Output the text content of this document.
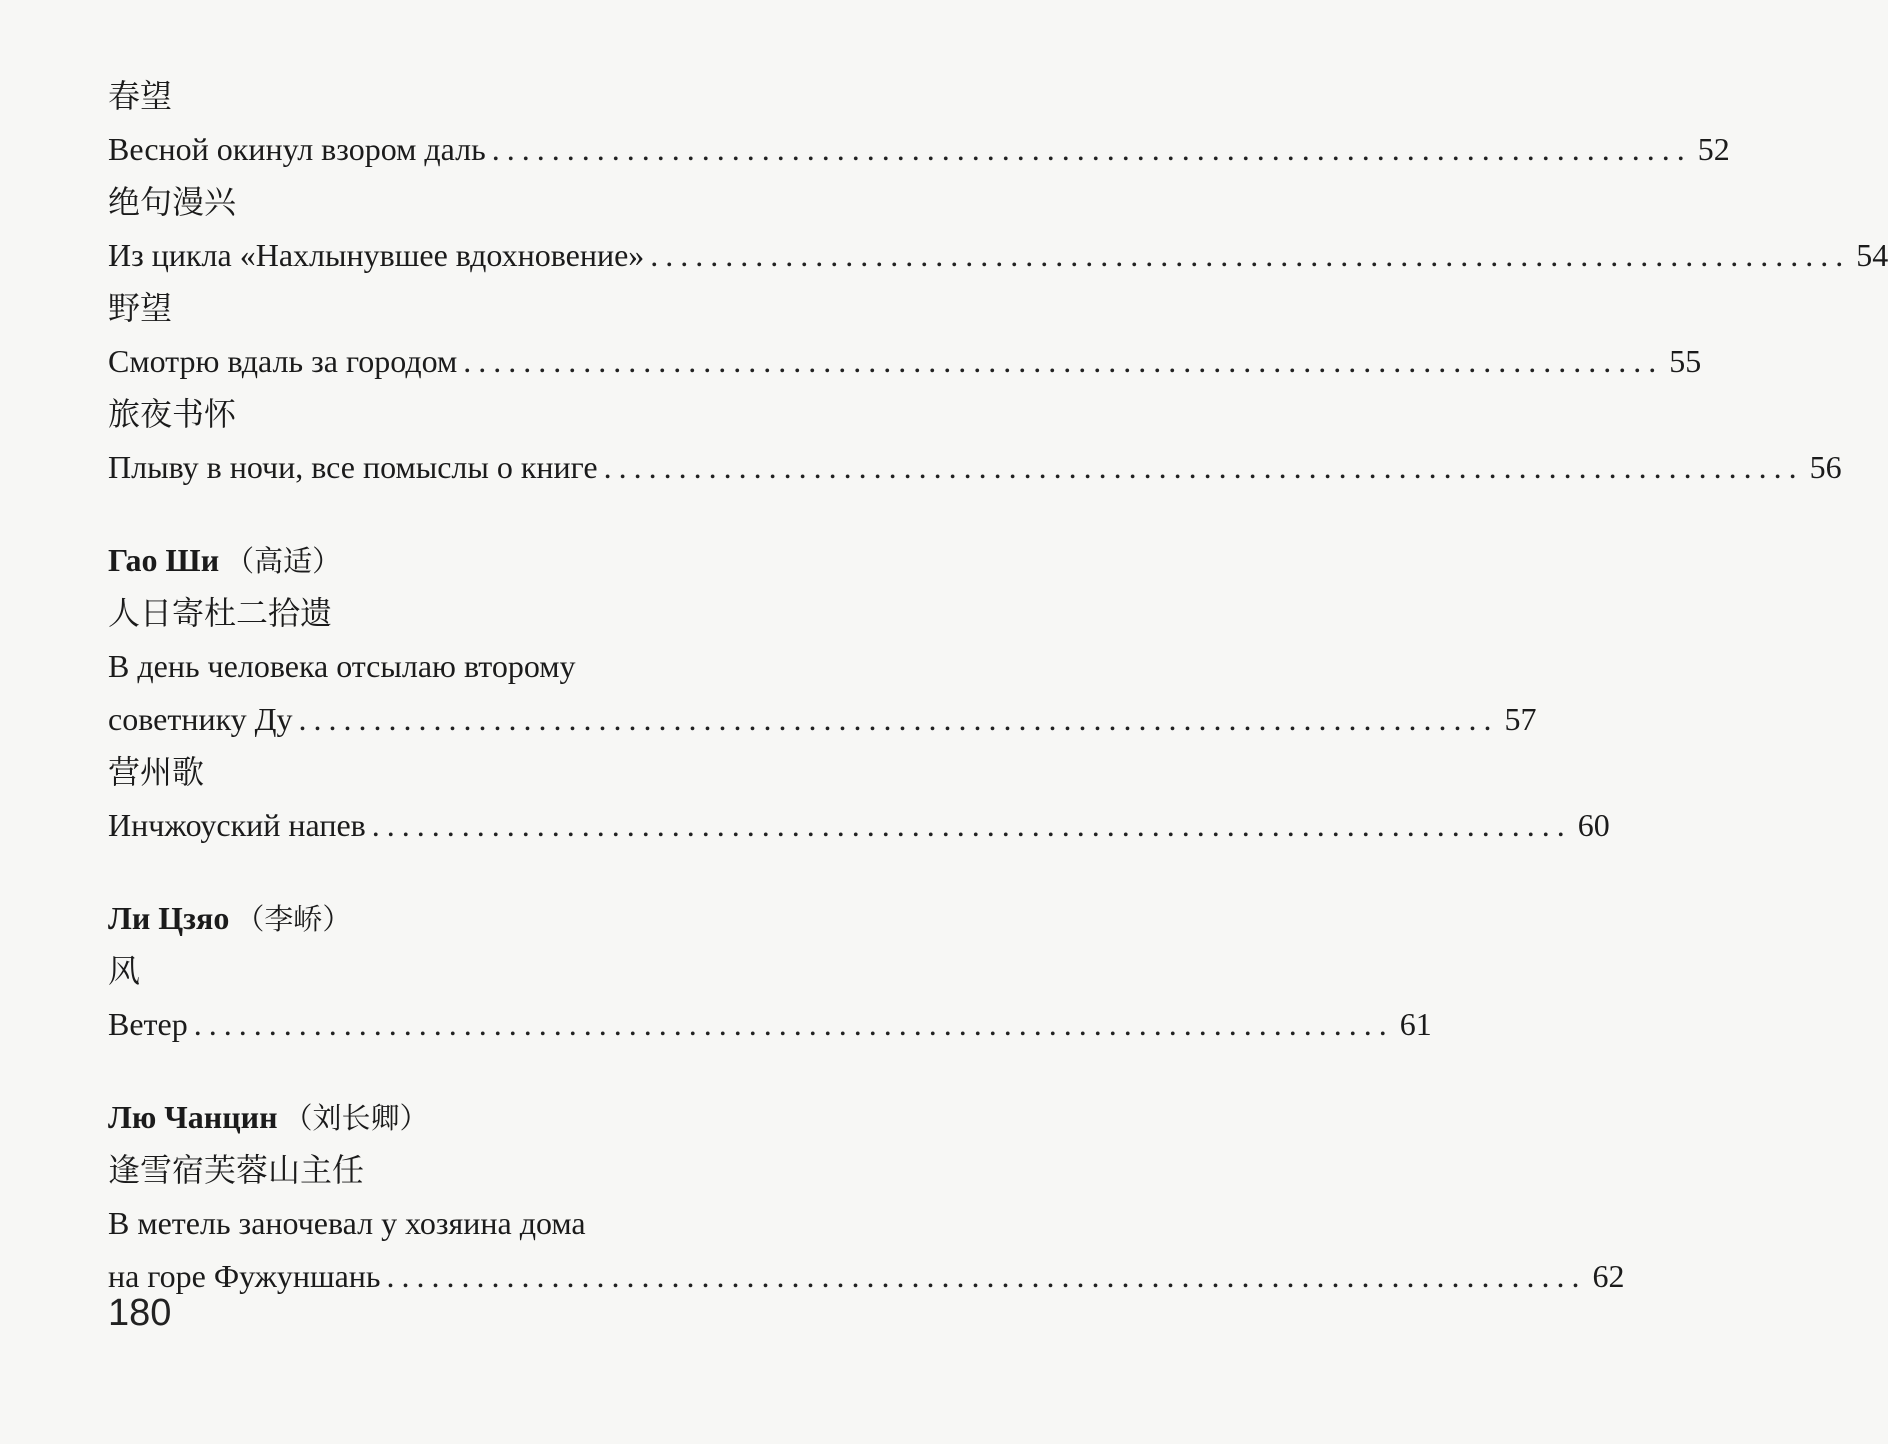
春望
Весной окинул взором даль ................................................................................ 52
绝句漫兴
Из цикла «Нахлынувшее вдохновение» ................................................................................ 54
野望
Смотрю вдаль за городом ................................................................................ 55
旅夜书怀
Плыву в ночи, все помыслы о книге ................................................................................ 56
Гао Ши （高适）
人日寄杜二拾遗
В день человека отсылаю второму
советнику Ду ................................................................................ 57
营州歌
Инчжоуский напев ................................................................................ 60
Ли Цзяо （李峤）
风
Ветер ................................................................................ 61
Лю Чанцин （刘长卿）
逢雪宿芙蓉山主任
В метель заночевал у хозяина дома
на горе Фужуншань ................................................................................ 62
180
